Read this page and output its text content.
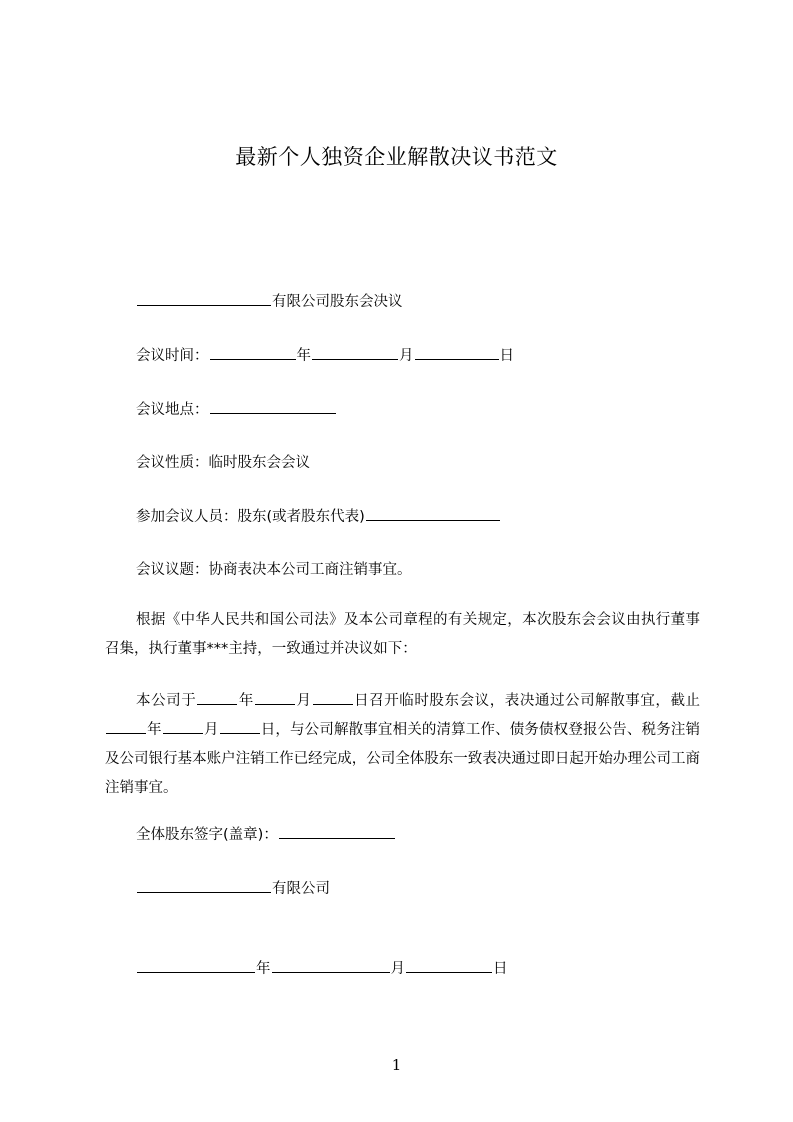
最新个人独资企业解散决议书范文
有限公司股东会决议
会议时间：	年	月	日
会议地点：
会议性质：临时股东会会议
参加会议人员：股东(或者股东代表)
会议议题：协商表决本公司工商注销事宜。
根据《中华人民共和国公司法》及本公司章程的有关规定，本次股东会会议由执行董事召集，执行董事***主持，一致通过并决议如下：
本公司于	年	月	日召开临时股东会议，表决通过公司解散事宜，截止年	月	日，与公司解散事宜相关的清算工作、债务债权登报公告、税务注销及公司银行基本账户注销工作已经完成，公司全体股东一致表决通过即日起开始办理公司工商注销事宜。
全体股东签字(盖章)：
有限公司
年	月	日
1
